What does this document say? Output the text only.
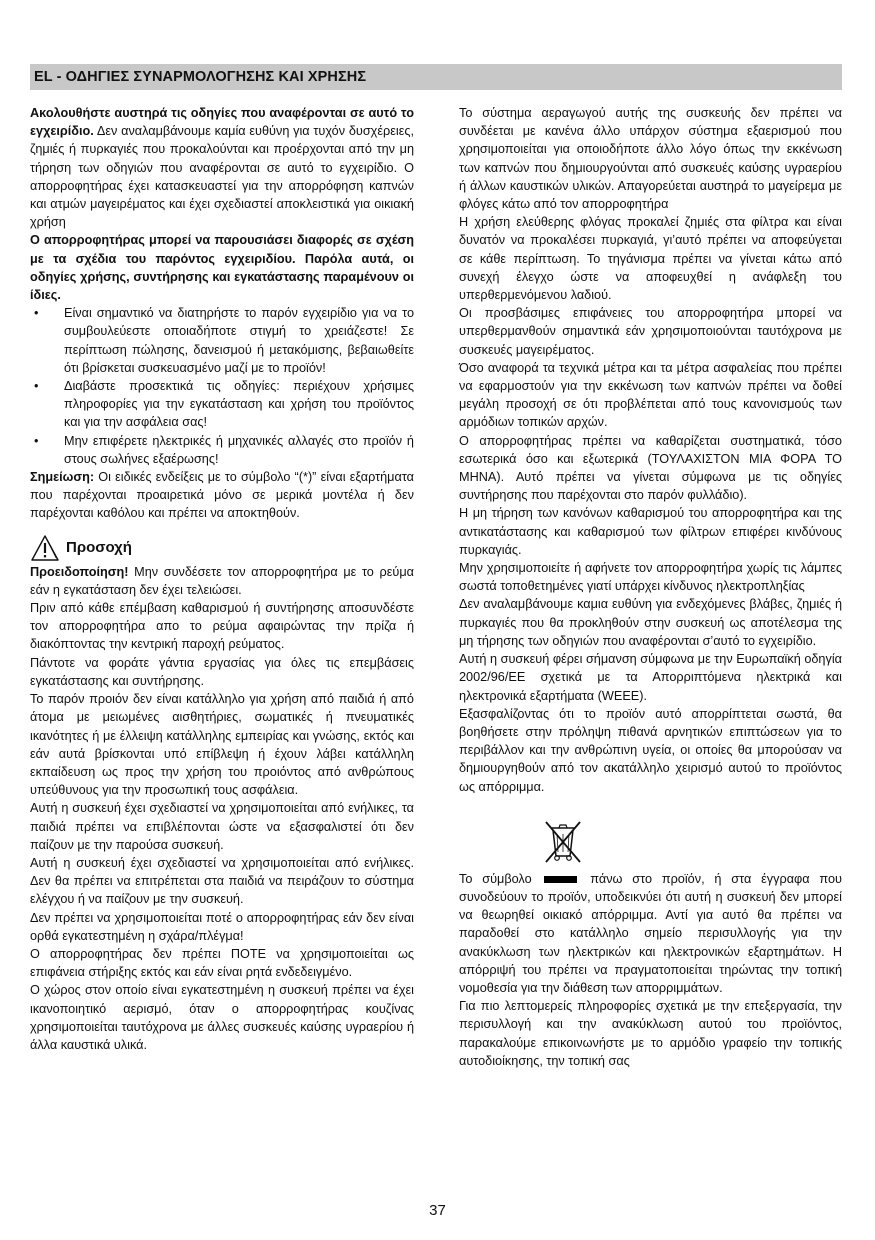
EL - ΟΔΗΓΙΕΣ ΣΥΝΑΡΜΟΛΟΓΗΣΗΣ ΚΑΙ ΧΡΗΣΗΣ

Ακολουθήστε αυστηρά τις οδηγίες που αναφέρονται σε αυτό το εγχειρίδιο. Δεν αναλαμβάνουμε καμία ευθύνη για τυχόν δυσχέρειες, ζημιές ή πυρκαγιές που προκαλούνται και προέρχονται από την μη τήρηση των οδηγιών που αναφέρονται σε αυτό το εγχειρίδιο. Ο απορροφητήρας έχει κατασκευαστεί για την απορρόφηση καπνών και ατμών μαγειρέματος και έχει σχεδιαστεί αποκλειστικά για οικιακή χρήση

Ο απορροφητήρας μπορεί να παρουσιάσει διαφορές σε σχέση με τα σχέδια του παρόντος εγχειριδίου. Παρόλα αυτά, οι οδηγίες χρήσης, συντήρησης και εγκατάστασης παραμένουν οι ίδιες.

• Είναι σημαντικό να διατηρήστε το παρόν εγχειρίδιο για να το συμβουλεύεστε οποιαδήποτε στιγμή το χρειάζεστε! Σε περίπτωση πώλησης, δανεισμού ή μετακόμισης, βεβαιωθείτε ότι βρίσκεται συσκευασμένο μαζί με το προϊόν!
• Διαβάστε προσεκτικά τις οδηγίες: περιέχουν χρήσιμες πληροφορίες για την εγκατάσταση και χρήση του προϊόντος και για την ασφάλεια σας!
• Μην επιφέρετε ηλεκτρικές ή μηχανικές αλλαγές στο προϊόν ή στους σωλήνες εξαέρωσης!

Σημείωση: Οι ειδικές ενδείξεις με το σύμβολο “(*)” είναι εξαρτήματα που παρέχονται προαιρετικά μόνο σε μερικά μοντέλα ή δεν παρέχονται καθόλου και πρέπει να αποκτηθούν.

Προσοχή

Προειδοποίηση! Μην συνδέσετε τον απορροφητήρα με το ρεύμα εάν η εγκατάσταση δεν έχει τελειώσει.

Πριν από κάθε επέμβαση καθαρισμού ή συντήρησης αποσυνδέστε τον απορροφητήρα απο το ρεύμα αφαιρώντας την πρίζα ή διακόπτοντας την κεντρική παροχή ρεύματος.

Πάντοτε να φοράτε γάντια εργασίας για όλες τις επεμβάσεις εγκατάστασης και συντήρησης.

Το παρόν προιόν δεν είναι κατάλληλο για χρήση από παιδιά ή από άτομα με μειωμένες αισθητήριες, σωματικές ή πνευματικές ικανότητες ή με έλλειψη κατάλληλης εμπειρίας και γνώσης, εκτός και εάν αυτά βρίσκονται υπό επίβλεψη ή έχουν λάβει κατάλληλη εκπαίδευση ως προς την χρήση του προιόντος από ανθρώπους υπεύθυνους για την προσωπική τους ασφάλεια.

Αυτή η συσκευή έχει σχεδιαστεί να χρησιμοποιείται από ενήλικες, τα παιδιά πρέπει να επιβλέπονται ώστε να εξασφαλιστεί ότι δεν παίζουν με την παρούσα συσκευή.

Αυτή η συσκευή έχει σχεδιαστεί να χρησιμοποιείται από ενήλικες. Δεν θα πρέπει να επιτρέπεται στα παιδιά να πειράζουν το σύστημα ελέγχου ή να παίζουν με την συσκευή.

Δεν πρέπει να χρησιμοποιείται ποτέ ο απορροφητήρας εάν δεν είναι ορθά εγκατεστημένη η σχάρα/πλέγμα!

Ο απορροφητήρας δεν πρέπει ΠΟΤΕ να χρησιμοποιείται ως επιφάνεια στήριξης εκτός και εάν είναι ρητά ενδεδειγμένο.

Ο χώρος στον οποίο είναι εγκατεστημένη η συσκευή πρέπει να έχει ικανοποιητικό αερισμό, όταν ο απορροφητήρας κουζίνας χρησιμοποιείται ταυτόχρονα με άλλες συσκευές καύσης υγραερίου ή άλλα καυστικά υλικά.

Το σύστημα αεραγωγού αυτής της συσκευής δεν πρέπει να συνδέεται με κανένα άλλο υπάρχον σύστημα εξαερισμού που χρησιμοποιείται για οποιοδήποτε άλλο λόγο όπως την εκκένωση των καπνών που δημιουργούνται από συσκευές καύσης υγραερίου ή άλλων καυστικών υλικών. Απαγορεύεται αυστηρά το μαγείρεμα με φλόγες κάτω από τον απορροφητήρα

Η χρήση ελεύθερης φλόγας προκαλεί ζημιές στα φίλτρα και είναι δυνατόν να προκαλέσει πυρκαγιά, γι’αυτό πρέπει να αποφεύγεται σε κάθε περίπτωση. Το τηγάνισμα πρέπει να γίνεται κάτω από συνεχή έλεγχο ώστε να αποφευχθεί η ανάφλεξη του υπερθερμενόμενου λαδιού.

Οι προσβάσιμες επιφάνειες του απορροφητήρα μπορεί να υπερθερμανθούν σημαντικά εάν χρησιμοποιούνται ταυτόχρονα με συσκευές μαγειρέματος.

Όσο αναφορά τα τεχνικά μέτρα και τα μέτρα ασφαλείας που πρέπει να εφαρμοστούν για την εκκένωση των καπνών πρέπει να δοθεί μεγάλη προσοχή σε ότι προβλέπεται από τους κανονισμούς των αρμόδιων τοπικών αρχών.

Ο απορροφητήρας πρέπει να καθαρίζεται συστηματικά, τόσο εσωτερικά όσο και εξωτερικά (ΤΟΥΛΑΧΙΣΤΟΝ ΜΙΑ ΦΟΡΑ ΤΟ ΜΗΝΑ). Αυτό πρέπει να γίνεται σύμφωνα με τις οδηγίες συντήρησης που παρέχονται στο παρόν φυλλάδιο).

Η μη τήρηση των κανόνων καθαρισμού του απορροφητήρα και της αντικατάστασης και καθαρισμού των φίλτρων επιφέρει κινδύνους πυρκαγιάς.

Μην χρησιμοποιείτε ή αφήνετε τον απορροφητήρα χωρίς τις λάμπες σωστά τοποθετημένες γιατί υπάρχει κίνδυνος ηλεκτροπληξίας

Δεν αναλαμβάνουμε καμια ευθύνη για ενδεχόμενες βλάβες, ζημιές ή πυρκαγιές που θα προκληθούν στην συσκευή ως αποτέλεσμα της μη τήρησης των οδηγιών που αναφέρονται σ’αυτό το εγχειρίδιο.

Αυτή η συσκευή φέρει σήμανση σύμφωνα με την Ευρωπαϊκή οδηγία 2002/96/ΕΕ σχετικά με τα Απορριπτόμενα ηλεκτρικά και ηλεκτρονικά εξαρτήματα (WEEE).

Εξασφαλίζοντας ότι το προϊόν αυτό απορρίπτεται σωστά, θα βοηθήσετε στην πρόληψη πιθανά αρνητικών επιπτώσεων για το περιβάλλον και την ανθρώπινη υγεία, οι οποίες θα μπορούσαν να δημιουργηθούν από τον ακατάλληλο χειρισμό αυτού το προϊόντος ως απόρριμμα.

Το σύμβολο	πάνω στο προϊόν, ή στα έγγραφα που συνοδεύουν το προϊόν, υποδεικνύει ότι αυτή η συσκευή δεν μπορεί να θεωρηθεί οικιακό απόρριμμα. Αντί για αυτό θα πρέπει να παραδοθεί στο κατάλληλο σημείο περισυλλογής για την ανακύκλωση των ηλεκτρικών και ηλεκτρονικών εξαρτημάτων. Η απόρριψή του πρέπει να πραγματοποιείται τηρώντας την τοπική νομοθεσία για την διάθεση των απορριμμάτων.

Για πιο λεπτομερείς πληροφορίες σχετικά με την επεξεργασία, την περισυλλογή και την ανακύκλωση αυτού του προϊόντος, παρακαλούμε επικοινωνήστε με το αρμόδιο γραφείο την τοπικής αυτοδιοίκησης, την τοπική σας

37
